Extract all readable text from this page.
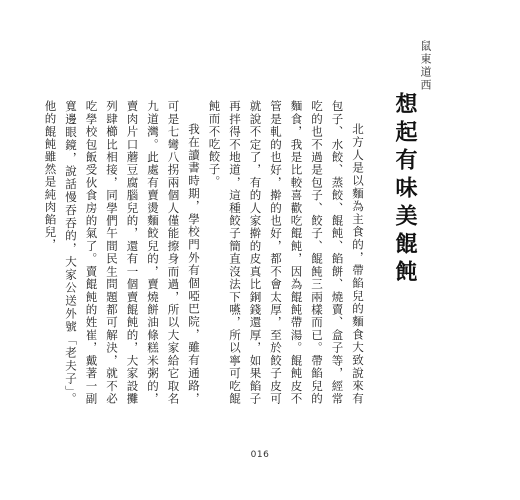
鼠東道西
想起有味美餛飩

北方人是以麵為主食的，帶餡兒的麵食大致說來有包子、水餃、蒸餃、餛飩、餡餅、燒賣、盒子等，經常吃的也不過是包子、餃子、餛飩三兩樣而已。帶餡兒的麵食，我是比較喜歡吃餛飩，因為餛飩帶湯。餛飩皮不管是軋的也好，擀的也好，都不會太厚，至於餃子皮可就說不定了，有的人家擀的皮真比銅錢還厚，如果餡子再拌得不地道，這種餃子簡直沒法下嚥，所以寧可吃餛飩而不吃餃子。

我在讀書時期，學校門外有個啞巴院，雖有通路，可是七彎八拐兩個人僅能擦身而過，所以大家給它取名九道灣。此處有賣燙麵餃兒的，賣燒餅油條糕米粥的，賣肉片口蘑豆腐腦兒的，還有一個賣餛飩的，大家設攤列肆櫛比相接，同學們午間民生問題都可解決，就不必吃學校包飯受伙食房的氣了。賣餛飩的姓崔，戴著一副寬邊眼鏡，說話慢吞吞的，大家公送外號「老夫子」。他的餛飩雖然是純肉餡兒，

016
